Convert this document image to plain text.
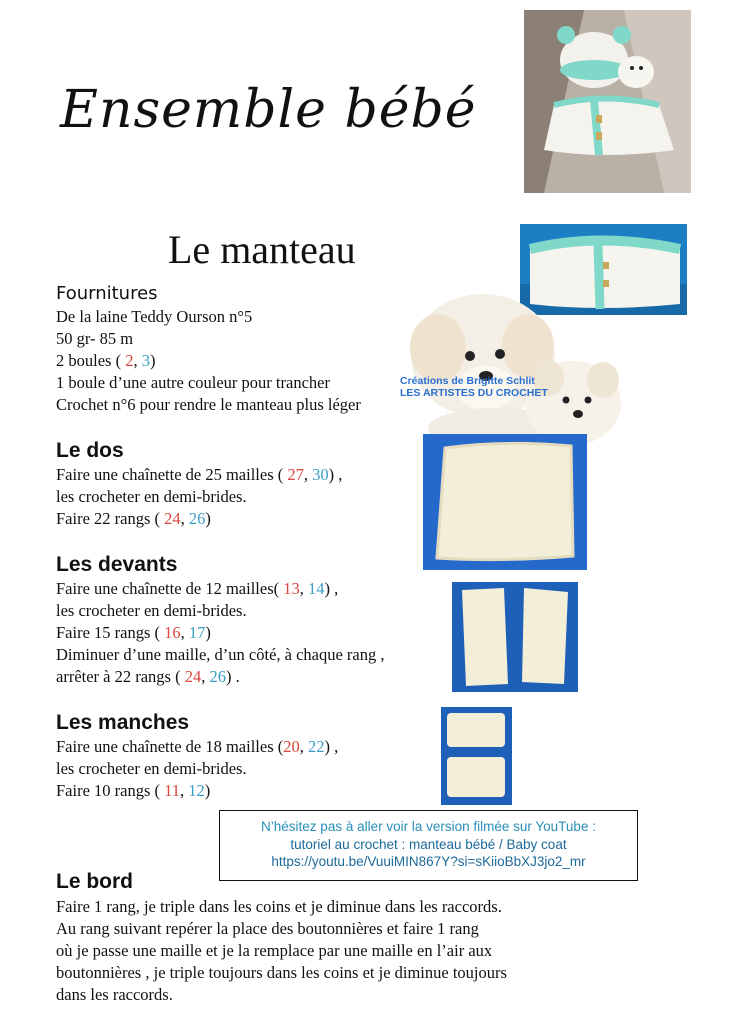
Ensemble bébé
Le manteau
Créations de Brigitte Schlit
LES ARTISTES DU CROCHET
Fournitures

De la laine Teddy Ourson n°5

50 gr- 85 m

2 boules ( 2, 3)

1 boule d’une autre couleur pour trancher

Crochet n°6 pour rendre le manteau plus léger

Le dos

Faire une chaînette de 25 mailles ( 27, 30) ,

les crocheter en demi-brides.

Faire 22 rangs ( 24, 26)

Les devants

Faire une chaînette de 12 mailles( 13, 14) ,

les crocheter en demi-brides.

Faire 15 rangs ( 16, 17)

Diminuer d’une maille, d’un côté, à chaque rang ,

arrêter à 22 rangs ( 24, 26) .

Les manches

Faire une chaînette de 18 mailles (20, 22) ,

les crocheter en demi-brides.

Faire 10 rangs ( 11, 12)

N’hésitez pas à aller voir la version filmée sur YouTube :
tutoriel au crochet : manteau bébé / Baby coat
https://youtu.be/VuuiMIN867Y?si=sKiioBbXJ3jo2_mr
Le bord

Faire 1 rang, je triple dans les coins et je diminue dans les raccords.

Au rang suivant repérer la place des boutonnières et faire 1 rang

où je passe une maille et je la remplace par une maille en l’air aux

boutonnières , je triple toujours dans les coins et je diminue toujours

dans les raccords.
